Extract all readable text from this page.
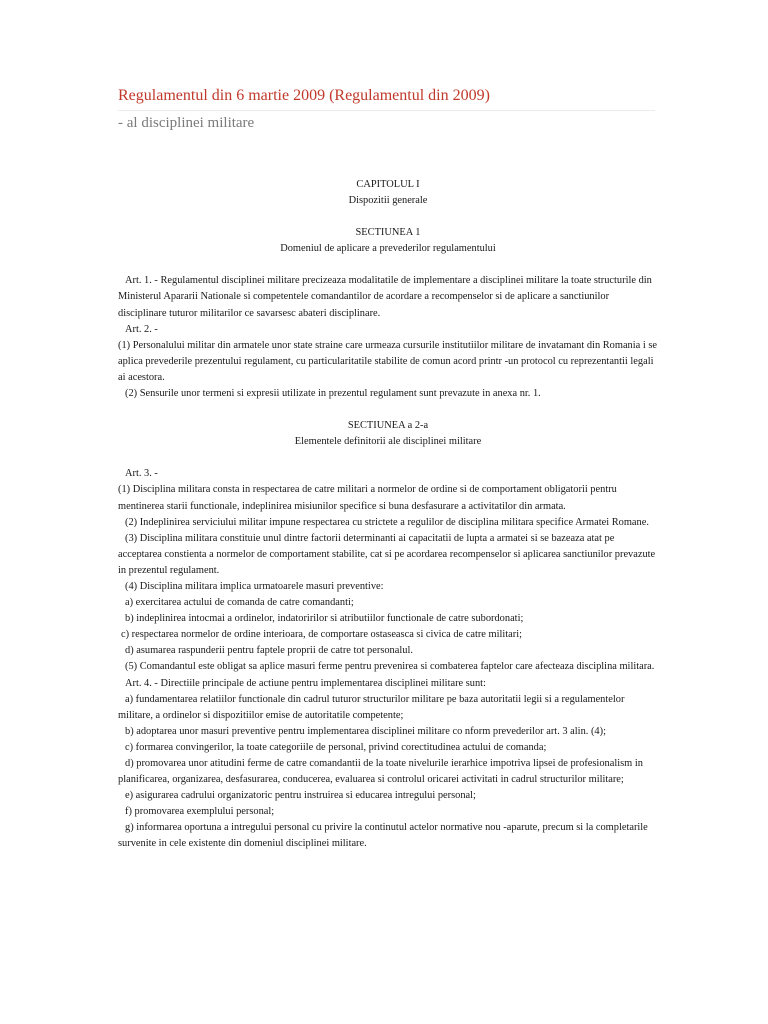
Regulamentul din 6 martie 2009 (Regulamentul din 2009)
- al disciplinei militare

CAPITOLUL I

Dispozitii generale

SECTIUNEA 1

Domeniul de aplicare a prevederilor regulamentului

Art. 1. - Regulamentul disciplinei militare precizeaza modalitatile de implementare a disciplinei militare la toate structurile din Ministerul Apararii Nationale si competentele comandantilor de acordare a recompenselor si de aplicare a sanctiunilor disciplinare tuturor militarilor ce savarsesc abateri disciplinare.

Art. 2. -

(1) Personalului militar din armatele unor state straine care urmeaza cursurile institutiilor militare de invatamant din Romania i se aplica prevederile prezentului regulament, cu particularitatile stabilite de comun acord printr -un protocol cu reprezentantii legali ai acestora.

(2) Sensurile unor termeni si expresii utilizate in prezentul regulament sunt prevazute in anexa nr. 1.

SECTIUNEA a 2-a

Elementele definitorii ale disciplinei militare

Art. 3. -

(1) Disciplina militara consta in respectarea de catre militari a normelor de ordine si de comportament obligatorii pentru mentinerea starii functionale, indeplinirea misiunilor specifice si buna desfasurare a activitatilor din armata.

(2) Indeplinirea serviciului militar impune respectarea cu strictete a regulilor de disciplina militara specifice Armatei Romane.

(3) Disciplina militara constituie unul dintre factorii determinanti ai capacitatii de lupta a armatei si se bazeaza atat pe acceptarea constienta a normelor de comportament stabilite, cat si pe acordarea recompenselor si aplicarea sanctiunilor prevazute in prezentul regulament.

(4) Disciplina militara implica urmatoarele masuri preventive:

a) exercitarea actului de comanda de catre comandanti;

b) indeplinirea intocmai a ordinelor, indatoririlor si atributiilor functionale de catre subordonati;

c) respectarea normelor de ordine interioara, de comportare ostaseasca si civica de catre militari;

d) asumarea raspunderii pentru faptele proprii de catre tot personalul.

(5) Comandantul este obligat sa aplice masuri ferme pentru prevenirea si combaterea faptelor care afecteaza disciplina militara.

Art. 4. - Directiile principale de actiune pentru implementarea disciplinei militare sunt:

a) fundamentarea relatiilor functionale din cadrul tuturor structurilor militare pe baza autoritatii legii si a regulamentelor militare, a ordinelor si dispozitiilor emise de autoritatile competente;

b) adoptarea unor masuri preventive pentru implementarea disciplinei militare co nform prevederilor art. 3 alin. (4);

c) formarea convingerilor, la toate categoriile de personal, privind corectitudinea actului de comanda;

d) promovarea unor atitudini ferme de catre comandantii de la toate nivelurile ierarhice impotriva lipsei de profesionalism in planificarea, organizarea, desfasurarea, conducerea, evaluarea si controlul oricarei activitati in cadrul structurilor militare;

e) asigurarea cadrului organizatoric pentru instruirea si educarea intregului personal;

f) promovarea exemplului personal;

g) informarea oportuna a intregului personal cu privire la continutul actelor normative nou -aparute, precum si la completarile survenite in cele existente din domeniul disciplinei militare.
